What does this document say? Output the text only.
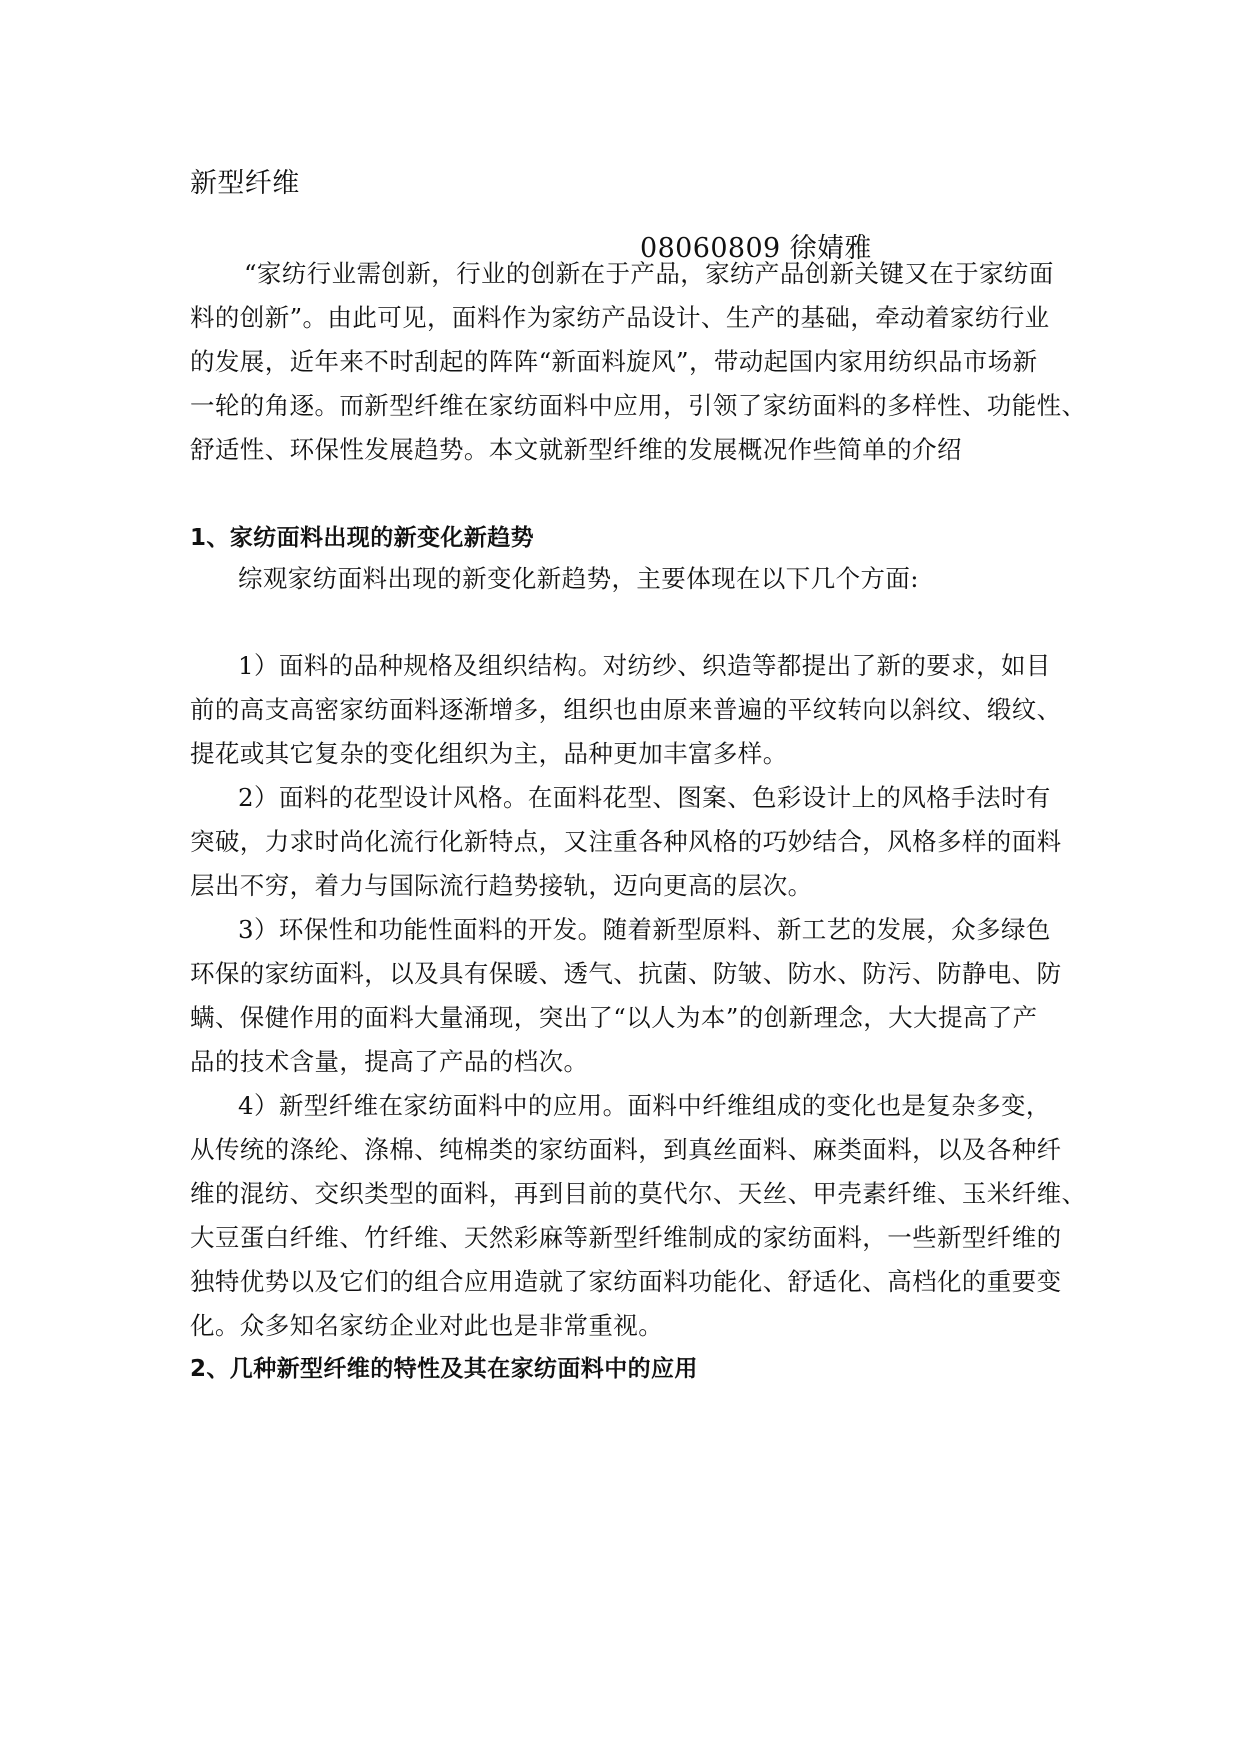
新型纤维
08060809 徐婧雅
“家纺行业需创新，行业的创新在于产品，家纺产品创新关键又在于家纺面
料的创新”。由此可见，面料作为家纺产品设计、生产的基础，牵动着家纺行业
的发展，近年来不时刮起的阵阵“新面料旋风”，带动起国内家用纺织品市场新
一轮的角逐。而新型纤维在家纺面料中应用，引领了家纺面料的多样性、功能性、
舒适性、环保性发展趋势。本文就新型纤维的发展概况作些简单的介绍
1、家纺面料出现的新变化新趋势
综观家纺面料出现的新变化新趋势，主要体现在以下几个方面:
1）面料的品种规格及组织结构。对纺纱、织造等都提出了新的要求，如目
前的高支高密家纺面料逐渐增多，组织也由原来普遍的平纹转向以斜纹、缎纹、
提花或其它复杂的变化组织为主，品种更加丰富多样。
2）面料的花型设计风格。在面料花型、图案、色彩设计上的风格手法时有
突破，力求时尚化流行化新特点，又注重各种风格的巧妙结合，风格多样的面料
层出不穷，着力与国际流行趋势接轨，迈向更高的层次。
3）环保性和功能性面料的开发。随着新型原料、新工艺的发展，众多绿色
环保的家纺面料，以及具有保暖、透气、抗菌、防皱、防水、防污、防静电、防
螨、保健作用的面料大量涌现，突出了“以人为本”的创新理念，大大提高了产
品的技术含量，提高了产品的档次。
4）新型纤维在家纺面料中的应用。面料中纤维组成的变化也是复杂多变，
从传统的涤纶、涤棉、纯棉类的家纺面料，到真丝面料、麻类面料，以及各种纤
维的混纺、交织类型的面料，再到目前的莫代尔、天丝、甲壳素纤维、玉米纤维、
大豆蛋白纤维、竹纤维、天然彩麻等新型纤维制成的家纺面料，一些新型纤维的
独特优势以及它们的组合应用造就了家纺面料功能化、舒适化、高档化的重要变
化。众多知名家纺企业对此也是非常重视。
2、几种新型纤维的特性及其在家纺面料中的应用
